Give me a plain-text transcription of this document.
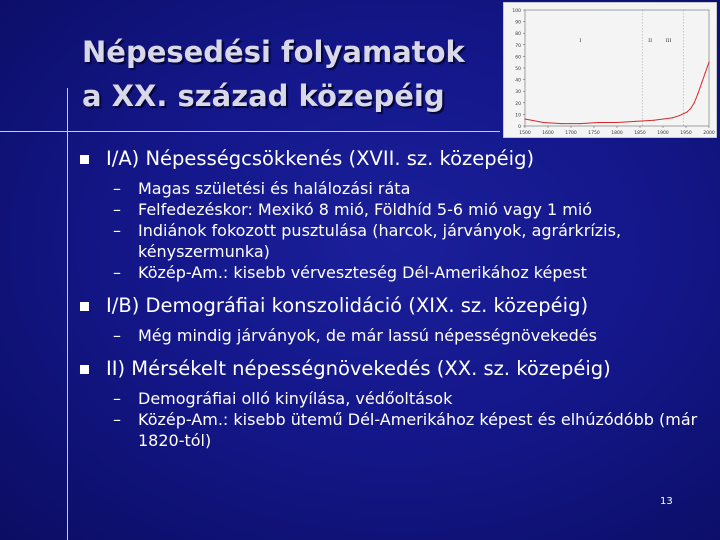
Népesedési folyamatok
a XX. század közepéig
100
90
80
70
60
50
40
30
20
10
0
1500	1600	1700	1750	1800	1850	1900	1950	2000
I	II	III
I/A) Népességcsökkenés (XVII. sz. közepéig)
– Magas születési és halálozási ráta
– Felfedezéskor: Mexikó 8 mió, Földhíd 5-6 mió vagy 1 mió
– Indiánok fokozott pusztulása (harcok, járványok, agrárkrízis, kényszermunka)
– Közép-Am.: kisebb vérveszteség Dél-Amerikához képest
I/B) Demográfiai konszolidáció (XIX. sz. közepéig)
– Még mindig járványok, de már lassú népességnövekedés
II) Mérsékelt népességnövekedés (XX. sz. közepéig)
– Demográfiai olló kinyílása, védőoltások
– Közép-Am.: kisebb ütemű Dél-Amerikához képest és elhúzódóbb (már 1820-tól)
13
